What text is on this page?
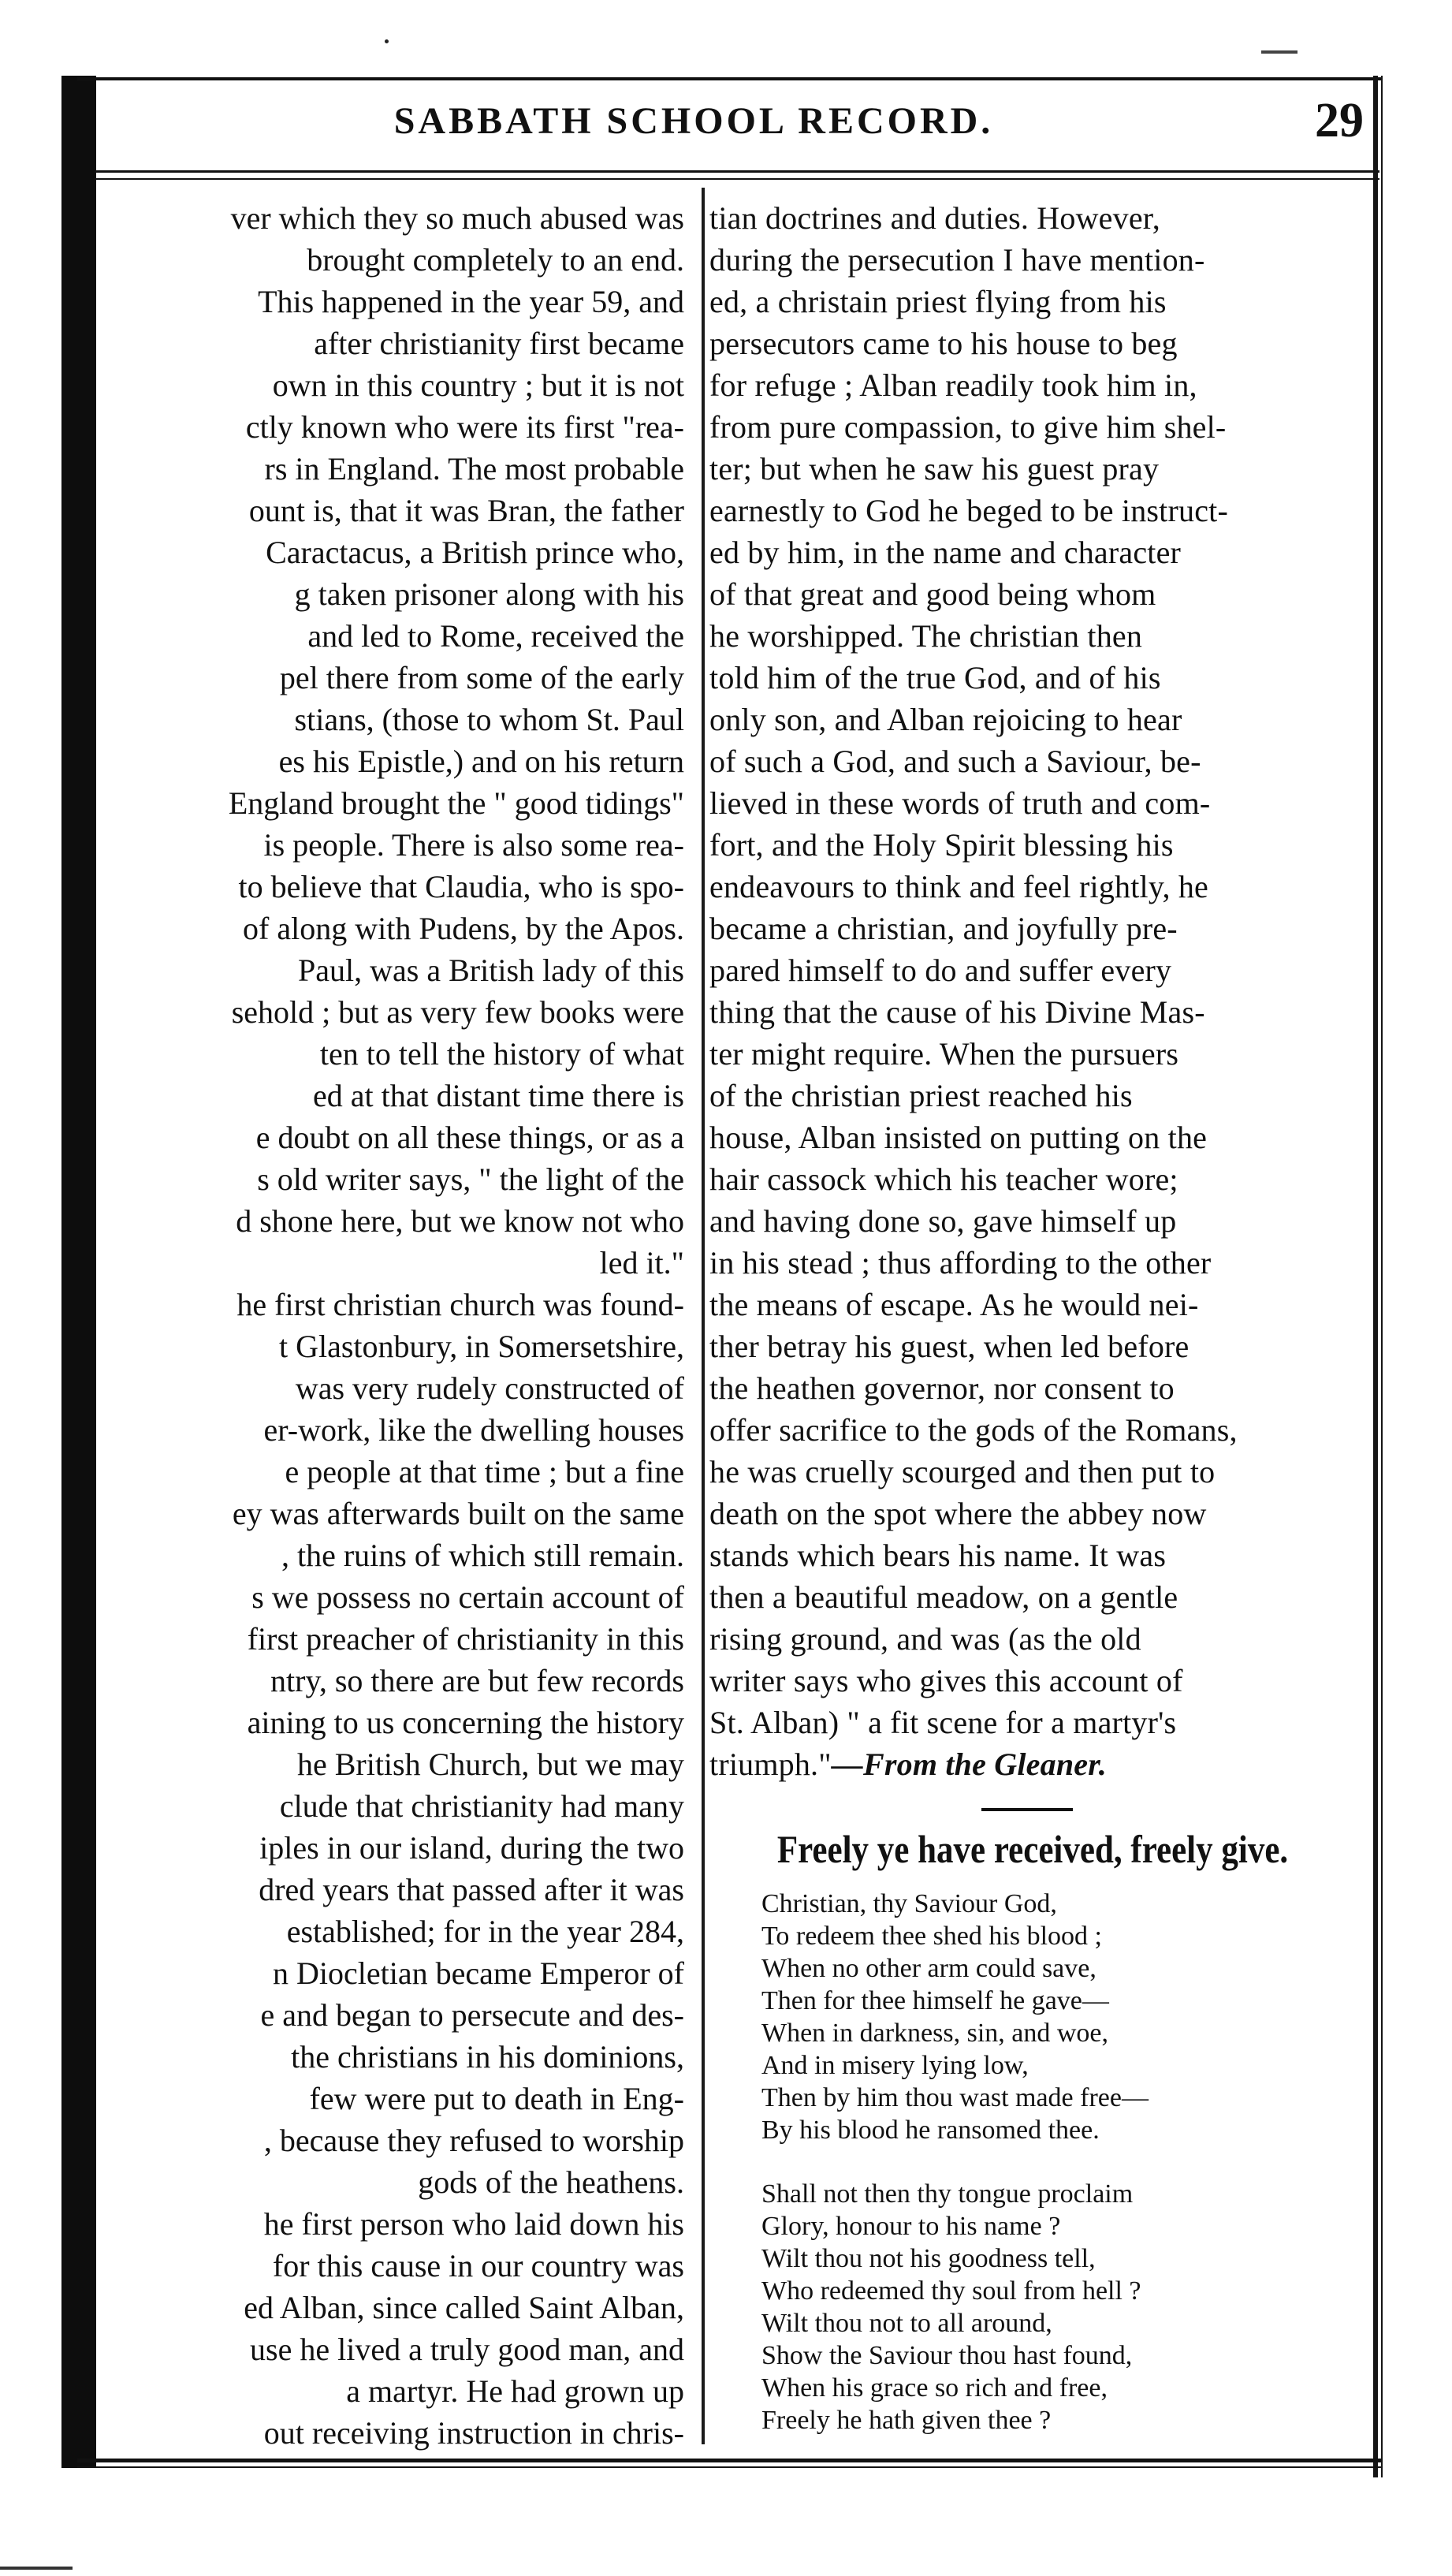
SABBATH SCHOOL RECORD.	29
ver which they so much abused was
brought completely to an end.
This happened in the year 59, and
after christianity first became
own in this country ; but it is not
ctly known who were its first "rea-
rs in England. The most probable
ount is, that it was Bran, the father
Caractacus, a British prince who,
g taken prisoner along with his
and led to Rome, received the
pel there from some of the early
stians, (those to whom St. Paul
es his Epistle,) and on his return
England brought the " good tidings"
is people. There is also some rea-
to believe that Claudia, who is spo-
of along with Pudens, by the Apos.
Paul, was a British lady of this
sehold ; but as very few books were
ten to tell the history of what
ed at that distant time there is
e doubt on all these things, or as a
s old writer says, " the light of the
d shone here, but we know not who
led it."
he first christian church was found-
t Glastonbury, in Somersetshire,
was very rudely constructed of
er-work, like the dwelling houses
e people at that time ; but a fine
ey was afterwards built on the same
, the ruins of which still remain.
s we possess no certain account of
first preacher of christianity in this
ntry, so there are but few records
aining to us concerning the history
he British Church, but we may
clude that christianity had many
iples in our island, during the two
dred years that passed after it was
established; for in the year 284,
n Diocletian became Emperor of
e and began to persecute and des-
the christians in his dominions,
few were put to death in Eng-
, because they refused to worship
gods of the heathens.
he first person who laid down his
for this cause in our country was
ed Alban, since called Saint Alban,
use he lived a truly good man, and
a martyr. He had grown up
out receiving instruction in chris-
tian doctrines and duties. However,
during the persecution I have mention-
ed, a christain priest flying from his
persecutors came to his house to beg
for refuge ; Alban readily took him in,
from pure compassion, to give him shel-
ter; but when he saw his guest pray
earnestly to God he beged to be instruct-
ed by him, in the name and character
of that great and good being whom
he worshipped. The christian then
told him of the true God, and of his
only son, and Alban rejoicing to hear
of such a God, and such a Saviour, be-
lieved in these words of truth and com-
fort, and the Holy Spirit blessing his
endeavours to think and feel rightly, he
became a christian, and joyfully pre-
pared himself to do and suffer every
thing that the cause of his Divine Mas-
ter might require. When the pursuers
of the christian priest reached his
house, Alban insisted on putting on the
hair cassock which his teacher wore;
and having done so, gave himself up
in his stead ; thus affording to the other
the means of escape. As he would nei-
ther betray his guest, when led before
the heathen governor, nor consent to
offer sacrifice to the gods of the Romans,
he was cruelly scourged and then put to
death on the spot where the abbey now
stands which bears his name. It was
then a beautiful meadow, on a gentle
rising ground, and was (as the old
writer says who gives this account of
St. Alban) " a fit scene for a martyr's
triumph."—From the Gleaner.
Freely ye have received, freely give.
Christian, thy Saviour God,
To redeem thee shed his blood ;
When no other arm could save,
Then for thee himself he gave—
When in darkness, sin, and woe,
And in misery lying low,
Then by him thou wast made free—
By his blood he ransomed thee.
Shall not then thy tongue proclaim
Glory, honour to his name ?
Wilt thou not his goodness tell,
Who redeemed thy soul from hell ?
Wilt thou not to all around,
Show the Saviour thou hast found,
When his grace so rich and free,
Freely he hath given thee ?
